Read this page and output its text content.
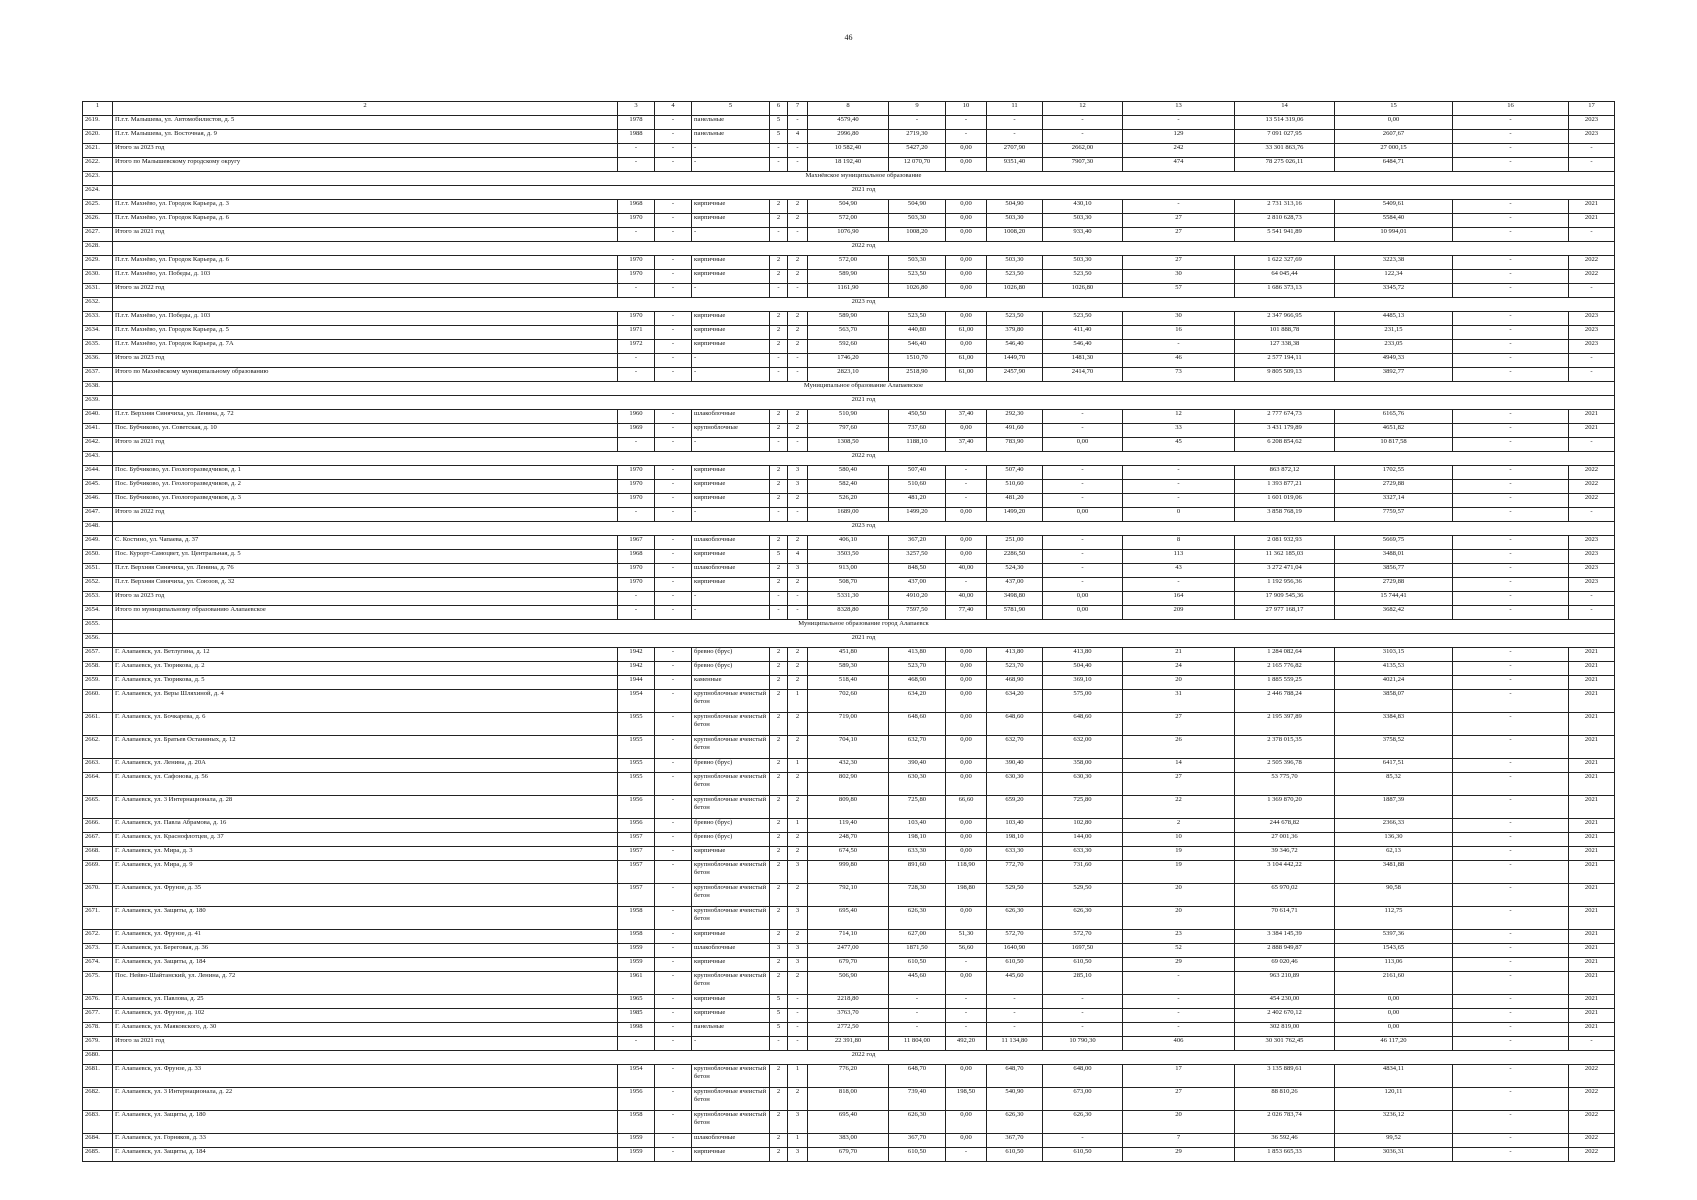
46
1	2	3	4	5	6	7	8	9	10	11	12	13	14	15	16	17
2619.	П.г.т. Малышева, ул. Автомобилистов, д. 5	1978	-	панельные	5	-	4579,40	-	-	-	-	-	13 514 319,06	0,00	-	2023
2620.	П.г.т. Малышева, ул. Восточная, д. 9	1988	-	панельные	5	4	2996,80	2719,30	-	-	-	129	7 091 027,95	2607,67	-	2023
2621.	Итого за 2023 год	-	-	-	-	-	10 582,40	5427,20	0,00	2707,90	2662,00	242	33 301 863,76	27 000,15	-	-
2622.	Итого по Малышевскому городскому округу	-	-	-	-	-	18 192,40	12 070,70	0,00	9351,40	7907,30	474	78 275 026,11	6484,71	-	-
2623.	Махнёвское муниципальное образование															
2624.	2021 год															
2625.	П.г.т. Махнёво, ул. Городок Карьера, д. 3	1968	-	кирпичные	2	2	504,90	504,90	0,00	504,90	430,10	-	2 731 313,16	5409,61	-	2021
2626.	П.г.т. Махнёво, ул. Городок Карьера, д. 6	1970	-	кирпичные	2	2	572,00	503,30	0,00	503,30	503,30	27	2 810 628,73	5584,40	-	2021
2627.	Итого за 2021 год	-	-	-	-	-	1076,90	1008,20	0,00	1008,20	933,40	27	5 541 941,89	10 994,01	-	-
2628.	2022 год															
2629.	П.г.т. Махнёво, ул. Городок Карьера, д. 6	1970	-	кирпичные	2	2	572,00	503,30	0,00	503,30	503,30	27	1 622 327,69	3223,38	-	2022
2630.	П.г.т. Махнёво, ул. Победы, д. 103	1970	-	кирпичные	2	2	589,90	523,50	0,00	523,50	523,50	30	64 045,44	122,34	-	2022
2631.	Итого за 2022 год	-	-	-	-	-	1161,90	1026,80	0,00	1026,80	1026,80	57	1 686 373,13	3345,72	-	-
2632.	2023 год															
2633.	П.г.т. Махнёво, ул. Победы, д. 103	1970	-	кирпичные	2	2	589,90	523,50	0,00	523,50	523,50	30	2 347 966,95	4485,13	-	2023
2634.	П.г.т. Махнёво, ул. Городок Карьера, д. 5	1971	-	кирпичные	2	2	563,70	440,80	61,00	379,80	411,40	16	101 888,78	231,15	-	2023
2635.	П.г.т. Махнёво, ул. Городок Карьера, д. 7А	1972	-	кирпичные	2	2	592,60	546,40	0,00	546,40	546,40	-	127 338,38	233,05	-	2023
2636.	Итого за 2023 год	-	-	-	-	-	1746,20	1510,70	61,00	1449,70	1481,30	46	2 577 194,11	4949,33	-	-
2637.	Итого по Махнёвскому муниципальному образованию	-	-	-	-	-	2823,10	2518,90	61,00	2457,90	2414,70	73	9 805 509,13	3892,77	-	-
2638.	Муниципальное образование Алапаевское															
2639.	2021 год															
2640.	П.г.т. Верхняя Синячиха, ул. Ленина, д. 72	1960	-	шлакоблочные	2	2	510,90	450,50	37,40	292,30	-	12	2 777 674,73	6165,76	-	2021
2641.	Пос. Бубчиково, ул. Советская, д. 10	1969	-	крупноблочные	2	2	797,60	737,60	0,00	491,60	-	33	3 431 179,89	4651,82	-	2021
2642.	Итого за 2021 год	-	-	-	-	-	1308,50	1188,10	37,40	783,90	0,00	45	6 208 854,62	10 817,58	-	-
2643.	2022 год															
2644.	Пос. Бубчиково, ул. Геологоразведчиков, д. 1	1970	-	кирпичные	2	3	580,40	507,40	-	507,40	-	-	863 872,12	1702,55	-	2022
2645.	Пос. Бубчиково, ул. Геологоразведчиков, д. 2	1970	-	кирпичные	2	3	582,40	510,60	-	510,60	-	-	1 393 877,21	2729,88	-	2022
2646.	Пос. Бубчиково, ул. Геологоразведчиков, д. 3	1970	-	кирпичные	2	2	526,20	481,20	-	481,20	-	-	1 601 019,06	3327,14	-	2022
2647.	Итого за 2022 год	-	-	-	-	-	1689,00	1499,20	0,00	1499,20	0,00	0	3 858 768,19	7759,57	-	-
2648.	2023 год															
2649.	С. Костино, ул. Чапаева, д. 37	1967	-	шлакоблочные	2	2	406,10	367,20	0,00	251,00	-	8	2 081 932,93	5669,75	-	2023
2650.	Пос. Курорт-Самоцвет, ул. Центральная, д. 5	1968	-	кирпичные	5	4	3503,50	3257,50	0,00	2286,50	-	113	11 362 185,03	3488,01	-	2023
2651.	П.г.т. Верхняя Синячиха, ул. Ленина, д. 76	1970	-	шлакоблочные	2	3	913,00	848,50	40,00	524,30	-	43	3 272 471,04	3856,77	-	2023
2652.	П.г.т. Верхняя Синячиха, ул. Союзов, д. 32	1970	-	кирпичные	2	2	508,70	437,00	-	437,00	-	-	1 192 956,36	2729,88	-	2023
2653.	Итого за 2023 год	-	-	-	-	-	5331,30	4910,20	40,00	3498,80	0,00	164	17 909 545,36	15 744,41	-	-
2654.	Итого по муниципальному образованию Алапаевское	-	-	-	-	-	8328,80	7597,50	77,40	5781,90	0,00	209	27 977 168,17	3682,42	-	-
2655.	Муниципальное образование город Алапаевск															
2656.	2021 год															
2657.	Г. Алапаевск, ул. Ветлугина, д. 12	1942	-	бревно (брус)	2	2	451,80	413,80	0,00	413,80	413,80	21	1 284 082,64	3103,15	-	2021
2658.	Г. Алапаевск, ул. Тюрикова, д. 2	1942	-	бревно (брус)	2	2	589,30	523,70	0,00	523,70	504,40	24	2 165 776,82	4135,53	-	2021
2659.	Г. Алапаевск, ул. Тюрикова, д. 5	1944	-	каменные	2	2	518,40	468,90	0,00	468,90	369,10	20	1 885 559,25	4021,24	-	2021
2660.	Г. Алапаевск, ул. Веры Шляхиной, д. 4	1954	-	крупноблочные ячеистый бетон	2	1	702,60	634,20	0,00	634,20	575,00	31	2 446 788,24	3858,07	-	2021
2661.	Г. Алапаевск, ул. Бочкарева, д. 6	1955	-	крупноблочные ячеистый бетон	2	2	719,00	648,60	0,00	648,60	648,60	27	2 195 397,89	3384,83	-	2021
2662.	Г. Алапаевск, ул. Братьев Останиных, д. 12	1955	-	крупноблочные ячеистый бетон	2	2	704,10	632,70	0,00	632,70	632,00	26	2 378 015,35	3758,52	-	2021
2663.	Г. Алапаевск, ул. Ленина, д. 20А	1955	-	бревно (брус)	2	1	432,30	390,40	0,00	390,40	358,00	14	2 505 396,78	6417,51	-	2021
2664.	Г. Алапаевск, ул. Сафонова, д. 56	1955	-	крупноблочные ячеистый бетон	2	2	802,90	630,30	0,00	630,30	630,30	27	53 775,70	85,32	-	2021
2665.	Г. Алапаевск, ул. 3 Интернационала, д. 28	1956	-	крупноблочные ячеистый бетон	2	2	809,80	725,80	66,60	659,20	725,80	22	1 369 870,20	1887,39	-	2021
2666.	Г. Алапаевск, ул. Павла Абрамова, д. 16	1956	-	бревно (брус)	2	1	119,40	103,40	0,00	103,40	102,80	2	244 678,82	2366,33	-	2021
2667.	Г. Алапаевск, ул. Краснофлотцев, д. 37	1957	-	бревно (брус)	2	2	248,70	198,10	0,00	198,10	144,00	10	27 001,36	136,30	-	2021
2668.	Г. Алапаевск, ул. Мира, д. 3	1957	-	кирпичные	2	2	674,50	633,30	0,00	633,30	633,30	19	39 346,72	62,13	-	2021
2669.	Г. Алапаевск, ул. Мира, д. 9	1957	-	крупноблочные ячеистый бетон	2	3	999,80	891,60	118,90	772,70	731,60	19	3 104 442,22	3481,88	-	2021
2670.	Г. Алапаевск, ул. Фрунзе, д. 35	1957	-	крупноблочные ячеистый бетон	2	2	792,10	728,30	198,80	529,50	529,50	20	65 970,02	90,58	-	2021
2671.	Г. Алапаевск, ул. Защиты, д. 180	1958	-	крупноблочные ячеистый бетон	2	3	695,40	626,30	0,00	626,30	626,30	20	70 614,71	112,75	-	2021
2672.	Г. Алапаевск, ул. Фрунзе, д. 41	1958	-	кирпичные	2	2	714,10	627,00	51,30	572,70	572,70	23	3 384 145,39	5397,36	-	2021
2673.	Г. Алапаевск, ул. Береговая, д. 36	1959	-	шлакоблочные	3	3	2477,00	1871,50	56,60	1640,90	1697,50	52	2 888 949,87	1543,65	-	2021
2674.	Г. Алапаевск, ул. Защиты, д. 184	1959	-	кирпичные	2	3	679,70	610,50	-	610,50	610,50	29	69 020,46	113,06	-	2021
2675.	Пос. Нейво-Шайтанский, ул. Ленина, д. 72	1961	-	крупноблочные ячеистый бетон	2	2	506,90	445,60	0,00	445,60	285,10	-	963 210,89	2161,60	-	2021
2676.	Г. Алапаевск, ул. Павлова, д. 25	1965	-	кирпичные	5	-	2218,80	-	-	-	-	-	454 230,00	0,00	-	2021
2677.	Г. Алапаевск, ул. Фрунзе, д. 102	1985	-	кирпичные	5	-	3763,70	-	-	-	-	-	2 402 670,12	0,00	-	2021
2678.	Г. Алапаевск, ул. Маяковского, д. 30	1998	-	панельные	5	-	2772,50	-	-	-	-	-	302 819,00	0,00	-	2021
2679.	Итого за 2021 год	-	-	-	-	-	22 391,80	11 804,00	492,20	11 134,80	10 790,30	406	30 301 762,45	46 117,20	-	-
2680.	2022 год															
2681.	Г. Алапаевск, ул. Фрунзе, д. 33	1954	-	крупноблочные ячеистый бетон	2	1	776,20	648,70	0,00	648,70	648,00	17	3 135 889,61	4834,11	-	2022
2682.	Г. Алапаевск, ул. 3 Интернационала, д. 22	1956	-	крупноблочные ячеистый бетон	2	2	818,00	739,40	198,50	540,90	673,00	27	88 810,26	120,11	-	2022
2683.	Г. Алапаевск, ул. Защиты, д. 180	1958	-	крупноблочные ячеистый бетон	2	3	695,40	626,30	0,00	626,30	626,30	20	2 026 783,74	3236,12	-	2022
2684.	Г. Алапаевск, ул. Горняков, д. 33	1959	-	шлакоблочные	2	1	383,00	367,70	0,00	367,70	-	7	36 592,46	99,52	-	2022
2685.	Г. Алапаевск, ул. Защиты, д. 184	1959	-	кирпичные	2	3	679,70	610,50	-	610,50	610,50	29	1 853 665,33	3036,31	-	2022
